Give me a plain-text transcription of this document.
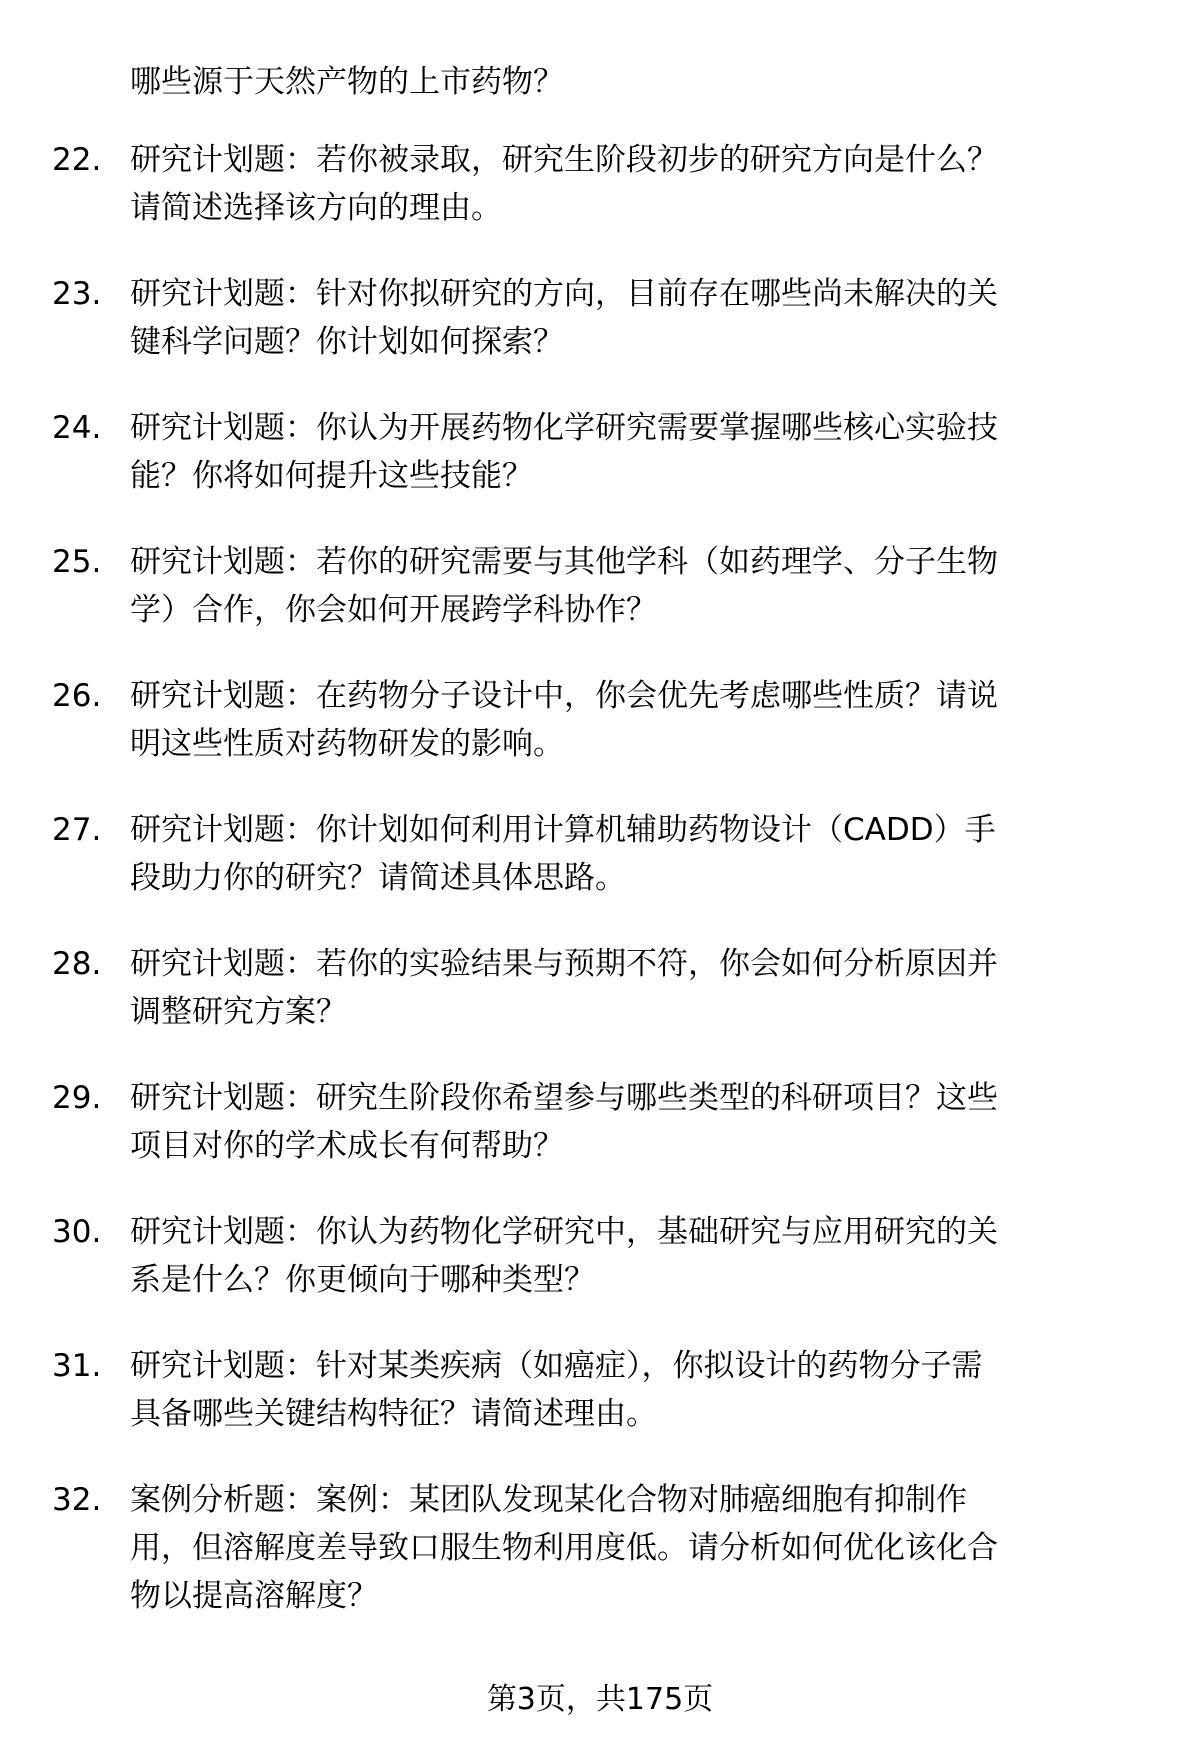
哪些源于天然产物的上市药物？
22. 研究计划题：若你被录取，研究生阶段初步的研究方向是什么？
请简述选择该方向的理由。
23. 研究计划题：针对你拟研究的方向，目前存在哪些尚未解决的关
键科学问题？你计划如何探索？
24. 研究计划题：你认为开展药物化学研究需要掌握哪些核心实验技
能？你将如何提升这些技能？
25. 研究计划题：若你的研究需要与其他学科（如药理学、分子生物
学）合作，你会如何开展跨学科协作？
26. 研究计划题：在药物分子设计中，你会优先考虑哪些性质？请说
明这些性质对药物研发的影响。
27. 研究计划题：你计划如何利用计算机辅助药物设计（CADD）手
段助力你的研究？请简述具体思路。
28. 研究计划题：若你的实验结果与预期不符，你会如何分析原因并
调整研究方案？
29. 研究计划题：研究生阶段你希望参与哪些类型的科研项目？这些
项目对你的学术成长有何帮助？
30. 研究计划题：你认为药物化学研究中，基础研究与应用研究的关
系是什么？你更倾向于哪种类型？
31. 研究计划题：针对某类疾病（如癌症），你拟设计的药物分子需
具备哪些关键结构特征？请简述理由。
32. 案例分析题：案例：某团队发现某化合物对肺癌细胞有抑制作
用，但溶解度差导致口服生物利用度低。请分析如何优化该化合
物以提高溶解度？
第3页，共175页
